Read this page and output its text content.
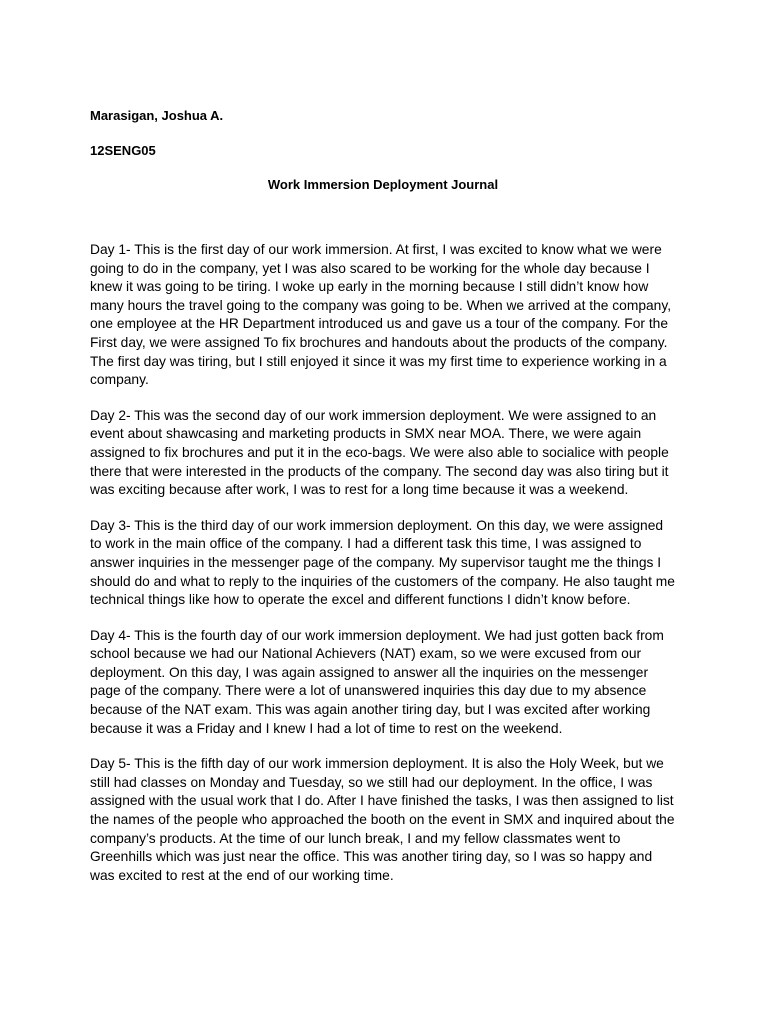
Marasigan, Joshua A.

12SENG05

Work Immersion Deployment Journal

Day 1- This is the first day of our work immersion. At first, I was excited to know what we were going to do in the company, yet I was also scared to be working for the whole day because I knew it was going to be tiring. I woke up early in the morning because I still didn’t know how many hours the travel going to the company was going to be. When we arrived at the company, one employee at the HR Department introduced us and gave us a tour of the company. For the First day, we were assigned To fix brochures and handouts about the products of the company. The first day was tiring, but I still enjoyed it since it was my first time to experience working in a company.

Day 2- This was the second day of our work immersion deployment. We were assigned to an event about shawcasing and marketing products in SMX near MOA. There, we were again assigned to fix brochures and put it in the eco-bags. We were also able to socialice with people there that were interested in the products of the company. The second day was also tiring but it was exciting because after work, I was to rest for a long time because it was a weekend.

Day 3- This is the third day of our work immersion deployment. On this day, we were assigned to work in the main office of the company. I had a different task this time, I was assigned to answer inquiries in the messenger page of the company. My supervisor taught me the things I should do and what to reply to the inquiries of the customers of the company. He also taught me technical things like how to operate the excel and different functions I didn’t know before.

Day 4- This is the fourth day of our work immersion deployment. We had just gotten back from school because we had our National Achievers (NAT) exam, so we were excused from our deployment. On this day, I was again assigned to answer all the inquiries on the messenger page of the company. There were a lot of unanswered inquiries this day due to my absence because of the NAT exam. This was again another tiring day, but I was excited after working because it was a Friday and I knew I had a lot of time to rest on the weekend.

Day 5- This is the fifth day of our work immersion deployment. It is also the Holy Week, but we still had classes on Monday and Tuesday, so we still had our deployment. In the office, I was assigned with the usual work that I do. After I have finished the tasks, I was then assigned to list the names of the people who approached the booth on the event in SMX and inquired about the company’s products. At the time of our lunch break, I and my fellow classmates went to Greenhills which was just near the office. This was another tiring day, so I was so happy and was excited to rest at the end of our working time.
